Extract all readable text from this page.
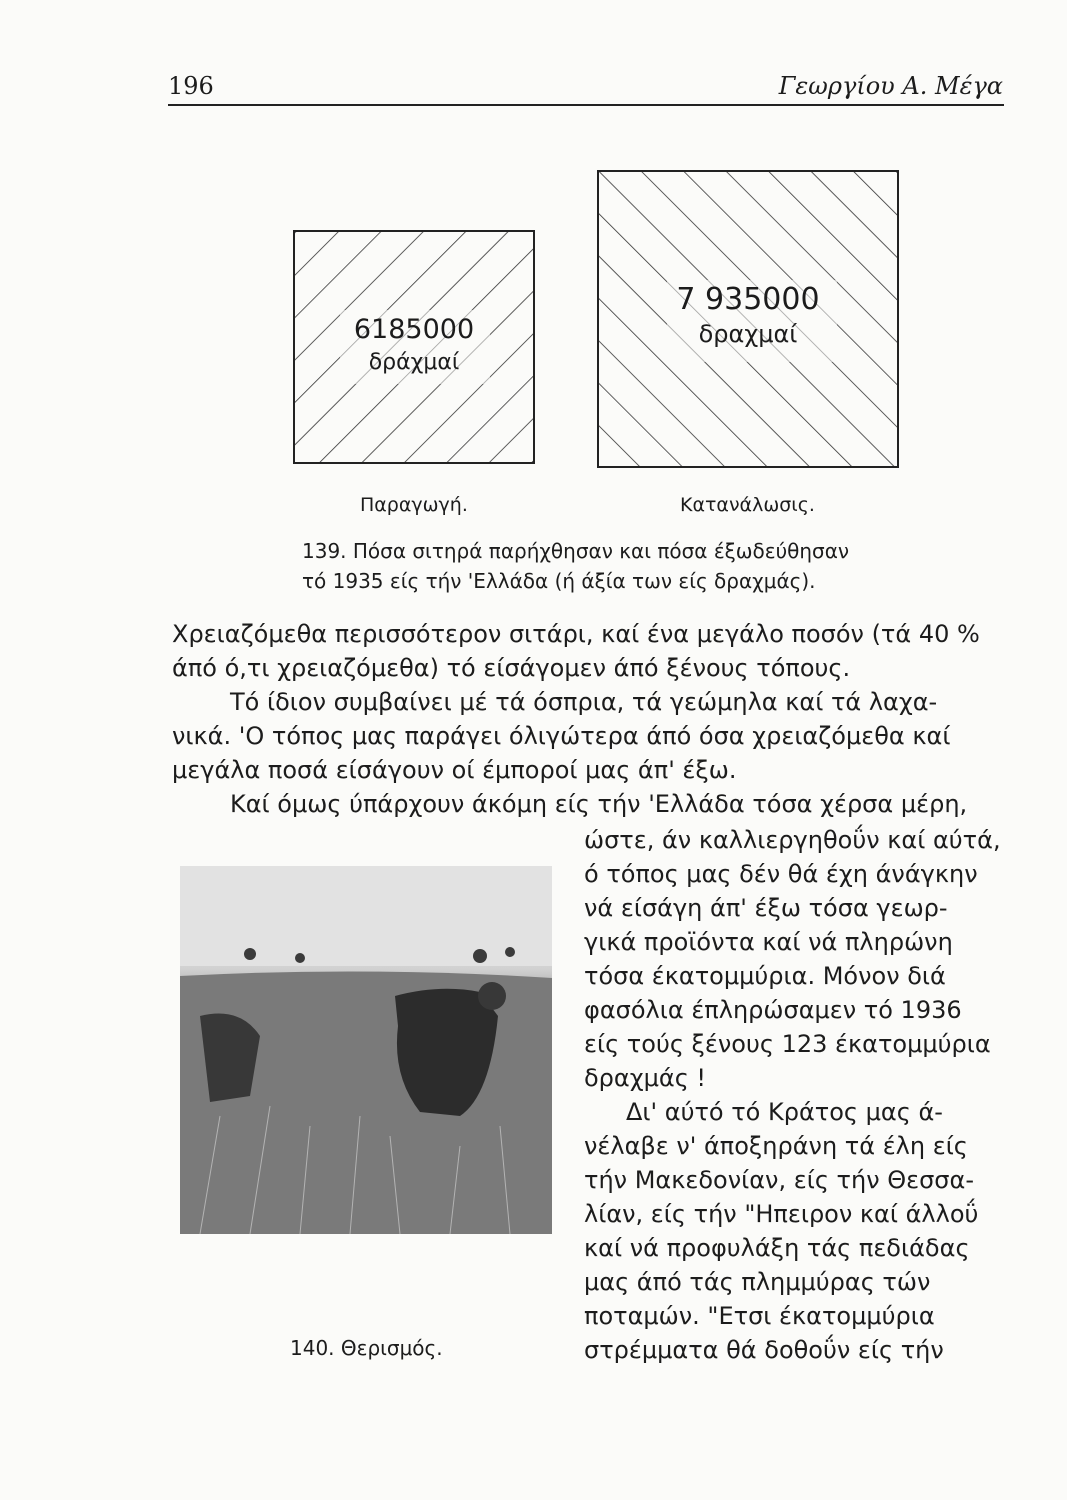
196	Γεωργίου Α. Μέγα
6185000
δράχμαί
7 935000
δραχμαί
Παραγωγή.	Κατανάλωσις.
139. Πόσα σιτηρά παρήχθησαν και πόσα έξωδεύθησαν
τό 1935 είς τήν 'Ελλάδα (ή άξία των είς δραχμάς).
Χρειαζόμεθα περισσότερον σιτάρι, καί ένα μεγάλο ποσόν (τά 40 %
άπό ό,τι χρειαζόμεθα) τό είσάγομεν άπό ξένους τόπους.
Τό ίδιον συμβαίνει μέ τά όσπρια, τά γεώμηλα καί τά λαχα-
νικά. 'Ο τόπος μας παράγει όλιγώτερα άπό όσα χρειαζόμεθα καί
μεγάλα ποσά είσάγουν οί έμποροί μας άπ' έξω.
Καί όμως ύπάρχουν άκόμη είς τήν 'Ελλάδα τόσα χέρσα μέρη,
140. Θερισμός.
ώστε, άν καλλιεργηθοΰν καί αύτά,
ό τόπος μας δέν θά έχη άνάγκην
νά είσάγη άπ' έξω τόσα γεωρ-
γικά προϊόντα καί νά πληρώνη
τόσα έκατομμύρια. Μόνον διά
φασόλια έπληρώσαμεν τό 1936
είς τούς ξένους 123 έκατομμύρια
δραχμάς !
Δι' αύτό τό Κράτος μας ά-
νέλαβε ν' άποξηράνη τά έλη είς
τήν Μακεδονίαν, είς τήν Θεσσα-
λίαν, είς τήν "Ηπειρον καί άλλοΰ
καί νά προφυλάξη τάς πεδιάδας
μας άπό τάς πλημμύρας τών
ποταμών. "Ετσι έκατομμύρια
στρέμματα θά δοθοΰν είς τήν
